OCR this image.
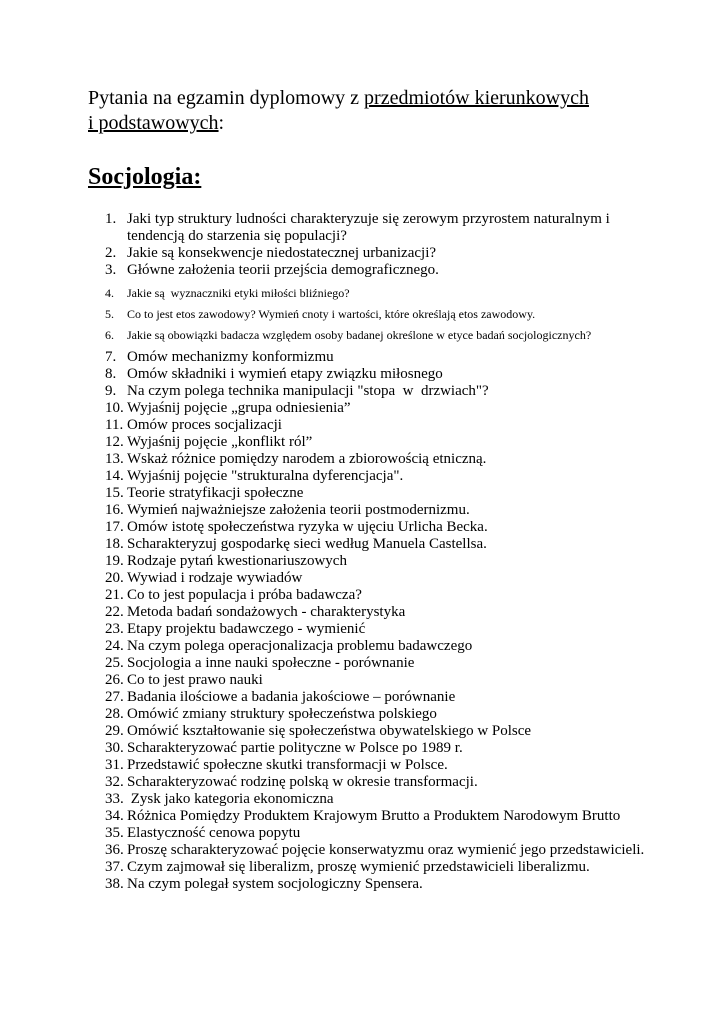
Pytania na egzamin dyplomowy z przedmiotów kierunkowych
i podstawowych:

Socjologia:
1. Jaki typ struktury ludności charakteryzuje się zerowym przyrostem naturalnym i tendencją do starzenia się populacji?
2. Jakie są konsekwencje niedostatecznej urbanizacji?
3. Główne założenia teorii przejścia demograficznego.
4.	Jakie są  wyznaczniki etyki miłości bliźniego?
5.	Co to jest etos zawodowy? Wymień cnoty i wartości, które określają etos zawodowy.
6.	Jakie są obowiązki badacza względem osoby badanej określone w etyce badań socjologicznych?
7. Omów mechanizmy konformizmu
8. Omów składniki i wymień etapy związku miłosnego
9. Na czym polega technika manipulacji "stopa  w  drzwiach"?
10. Wyjaśnij pojęcie „grupa odniesienia”
11. Omów proces socjalizacji
12. Wyjaśnij pojęcie „konflikt ról”
13. Wskaż różnice pomiędzy narodem a zbiorowością etniczną.
14. Wyjaśnij pojęcie "strukturalna dyferencjacja".
15. Teorie stratyfikacji społeczne
16. Wymień najważniejsze założenia teorii postmodernizmu.
17. Omów istotę społeczeństwa ryzyka w ujęciu Urlicha Becka.
18. Scharakteryzuj gospodarkę sieci według Manuela Castellsa.
19. Rodzaje pytań kwestionariuszowych
20. Wywiad i rodzaje wywiadów
21. Co to jest populacja i próba badawcza?
22. Metoda badań sondażowych - charakterystyka
23. Etapy projektu badawczego - wymienić
24. Na czym polega operacjonalizacja problemu badawczego
25. Socjologia a inne nauki społeczne - porównanie
26. Co to jest prawo nauki
27. Badania ilościowe a badania jakościowe – porównanie
28. Omówić zmiany struktury społeczeństwa polskiego
29. Omówić kształtowanie się społeczeństwa obywatelskiego w Polsce
30. Scharakteryzować partie polityczne w Polsce po 1989 r.
31. Przedstawić społeczne skutki transformacji w Polsce.
32. Scharakteryzować rodzinę polską w okresie transformacji.
33. Zysk jako kategoria ekonomiczna
34. Różnica Pomiędzy Produktem Krajowym Brutto a Produktem Narodowym Brutto
35. Elastyczność cenowa popytu
36. Proszę scharakteryzować pojęcie konserwatyzmu oraz wymienić jego przedstawicieli.
37. Czym zajmował się liberalizm, proszę wymienić przedstawicieli liberalizmu.
38. Na czym polegał system socjologiczny Spensera.
